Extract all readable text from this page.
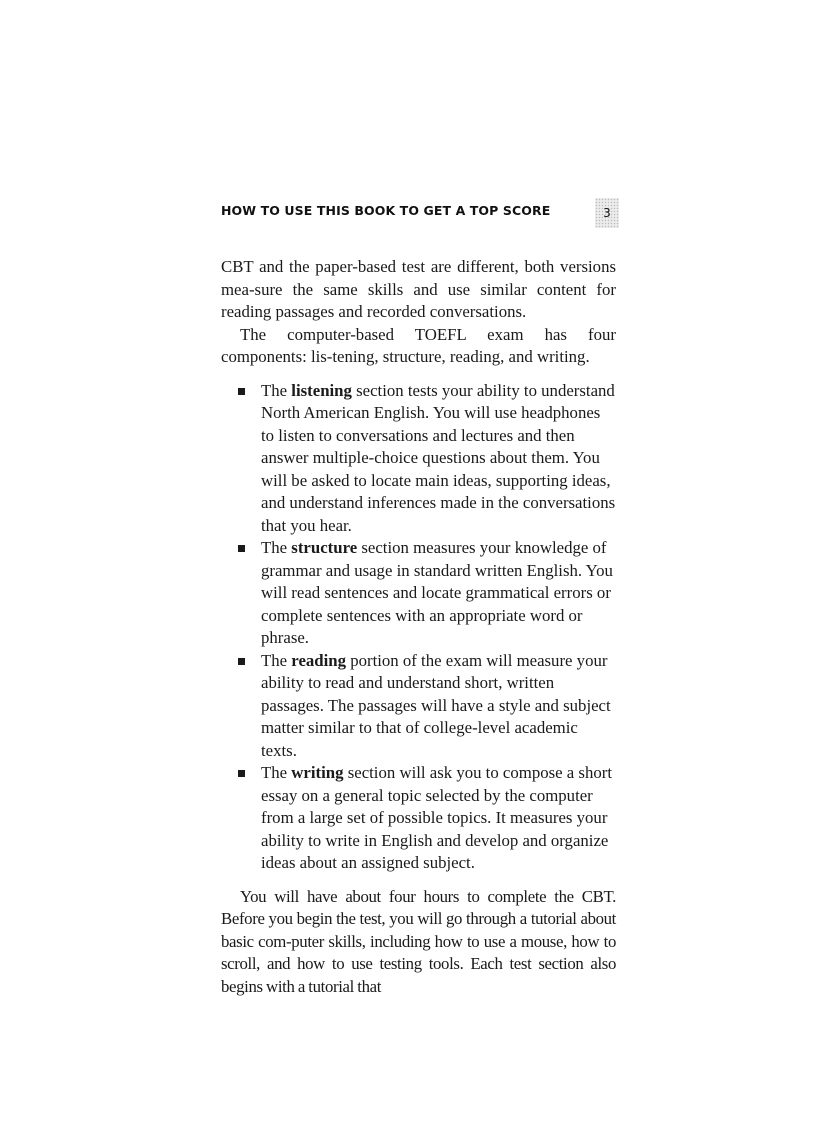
HOW TO USE THIS BOOK TO GET A TOP SCORE	3

CBT and the paper-based test are different, both versions mea-sure the same skills and use similar content for reading passages and recorded conversations.

The computer-based TOEFL exam has four components: lis-tening, structure, reading, and writing.

The listening section tests your ability to understand North American English. You will use headphones to listen to conversations and lectures and then answer multiple-choice questions about them. You will be asked to locate main ideas, supporting ideas, and understand inferences made in the conversations that you hear.
The structure section measures your knowledge of grammar and usage in standard written English. You will read sentences and locate grammatical errors or complete sentences with an appropriate word or phrase.
The reading portion of the exam will measure your ability to read and understand short, written passages. The passages will have a style and subject matter similar to that of college-level academic texts.
The writing section will ask you to compose a short essay on a general topic selected by the computer from a large set of possible topics. It measures your ability to write in English and develop and organize ideas about an assigned subject.

You will have about four hours to complete the CBT. Before you begin the test, you will go through a tutorial about basic com-puter skills, including how to use a mouse, how to scroll, and how to use testing tools. Each test section also begins with a tutorial that
